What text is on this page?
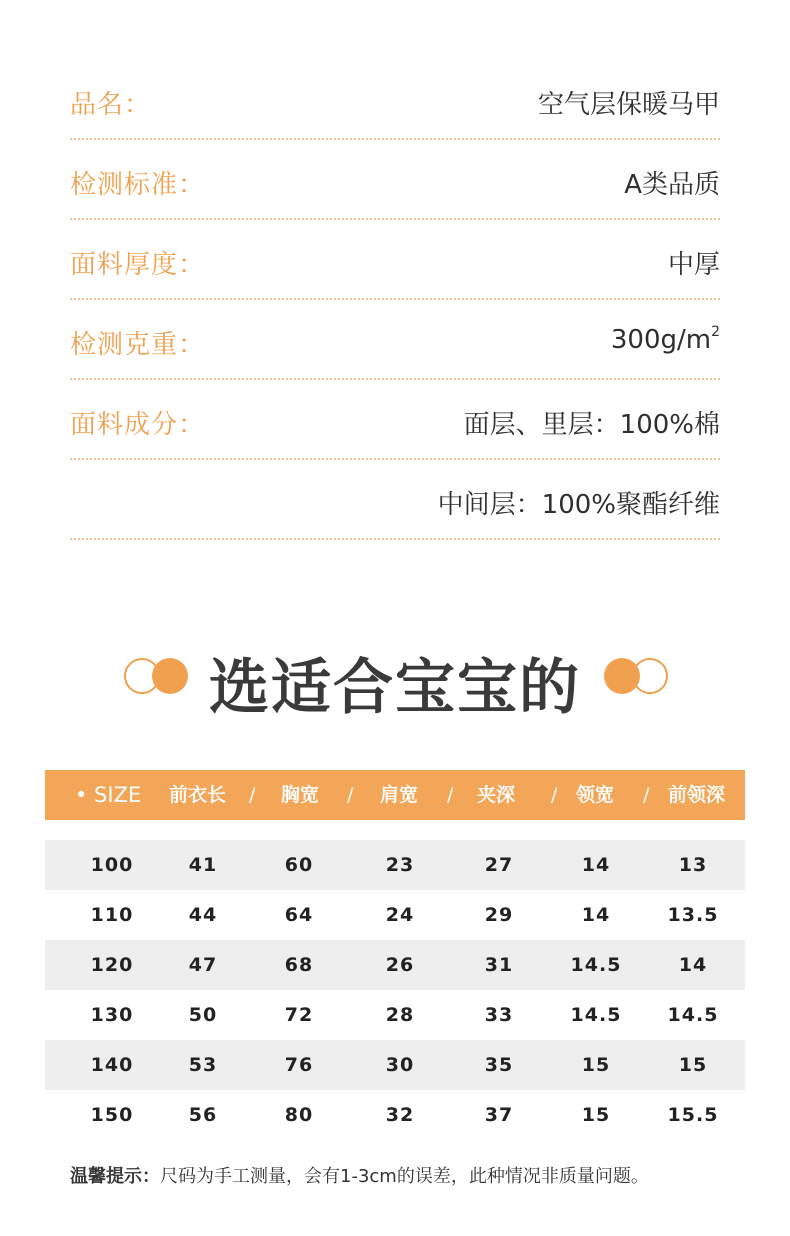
品名：	空气层保暖马甲
检测标准：	A类品质
面料厚度：	中厚
检测克重：	$300g/m^2$
面料成分：	面层、里层：100%棉
中间层：100%聚酯纤维
选适合宝宝的
• SIZE 前衣长 / 胸宽 / 肩宽 / 夹深 / 领宽 / 前领深
100	41	60	23	27	14	13
110	44	64	24	29	14	13.5
120	47	68	26	31	14.5	14
130	50	72	28	33	14.5	14.5
140	53	76	30	35	15	15
150	56	80	32	37	15	15.5
温馨提示：尺码为手工测量，会有1-3cm的误差，此种情况非质量问题。
